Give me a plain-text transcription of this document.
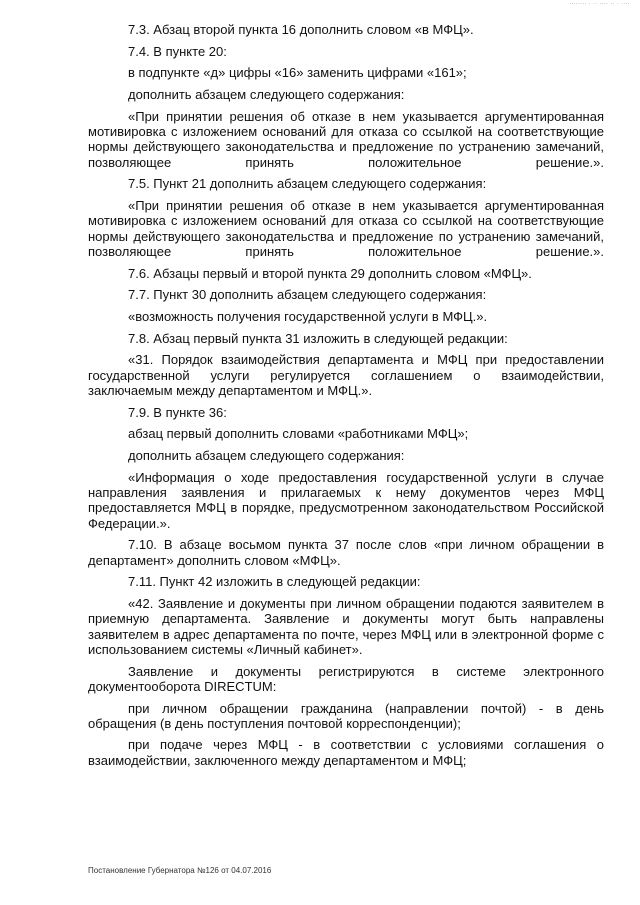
........ . .. .... .. . ....

7.3. Абзац второй пункта 16 дополнить словом «в МФЦ».

7.4. В пункте 20:

в подпункте «д» цифры «16» заменить цифрами «161»;

дополнить абзацем следующего содержания:

«При принятии решения об отказе в нем указывается аргументированная мотивировка с изложением оснований для отказа со ссылкой на соответствующие нормы действующего законодательства и предложение по устранению замечаний, позволяющее принять положительное решение.».

7.5. Пункт 21 дополнить абзацем следующего содержания:

«При принятии решения об отказе в нем указывается аргументированная мотивировка с изложением оснований для отказа со ссылкой на соответствующие нормы действующего законодательства и предложение по устранению замечаний, позволяющее принять положительное решение.».

7.6. Абзацы первый и второй пункта 29 дополнить словом «МФЦ».

7.7. Пункт 30 дополнить абзацем следующего содержания:

«возможность получения государственной услуги в МФЦ.».

7.8. Абзац первый пункта 31 изложить в следующей редакции:

«31. Порядок взаимодействия департамента и МФЦ при предоставлении государственной услуги регулируется соглашением о взаимодействии, заключаемым между департаментом и МФЦ.».

7.9. В пункте 36:

абзац первый дополнить словами «работниками МФЦ»;

дополнить абзацем следующего содержания:

«Информация о ходе предоставления государственной услуги в случае направления заявления и прилагаемых к нему документов через МФЦ предоставляется МФЦ в порядке, предусмотренном законодательством Российской Федерации.».

7.10. В абзаце восьмом пункта 37 после слов «при личном обращении в департамент» дополнить словом «МФЦ».

7.11. Пункт 42 изложить в следующей редакции:

«42. Заявление и документы при личном обращении подаются заявителем в приемную департамента. Заявление и документы могут быть направлены заявителем в адрес департамента по почте, через МФЦ или в электронной форме с использованием системы «Личный кабинет».

Заявление и документы регистрируются в системе электронного документооборота DIRECTUM:

при личном обращении гражданина (направлении почтой) - в день обращения (в день поступления почтовой корреспонденции);

при подаче через МФЦ - в соответствии с условиями соглашения о взаимодействии, заключенного между департаментом и МФЦ;

Постановление Губернатора №126 от 04.07.2016
